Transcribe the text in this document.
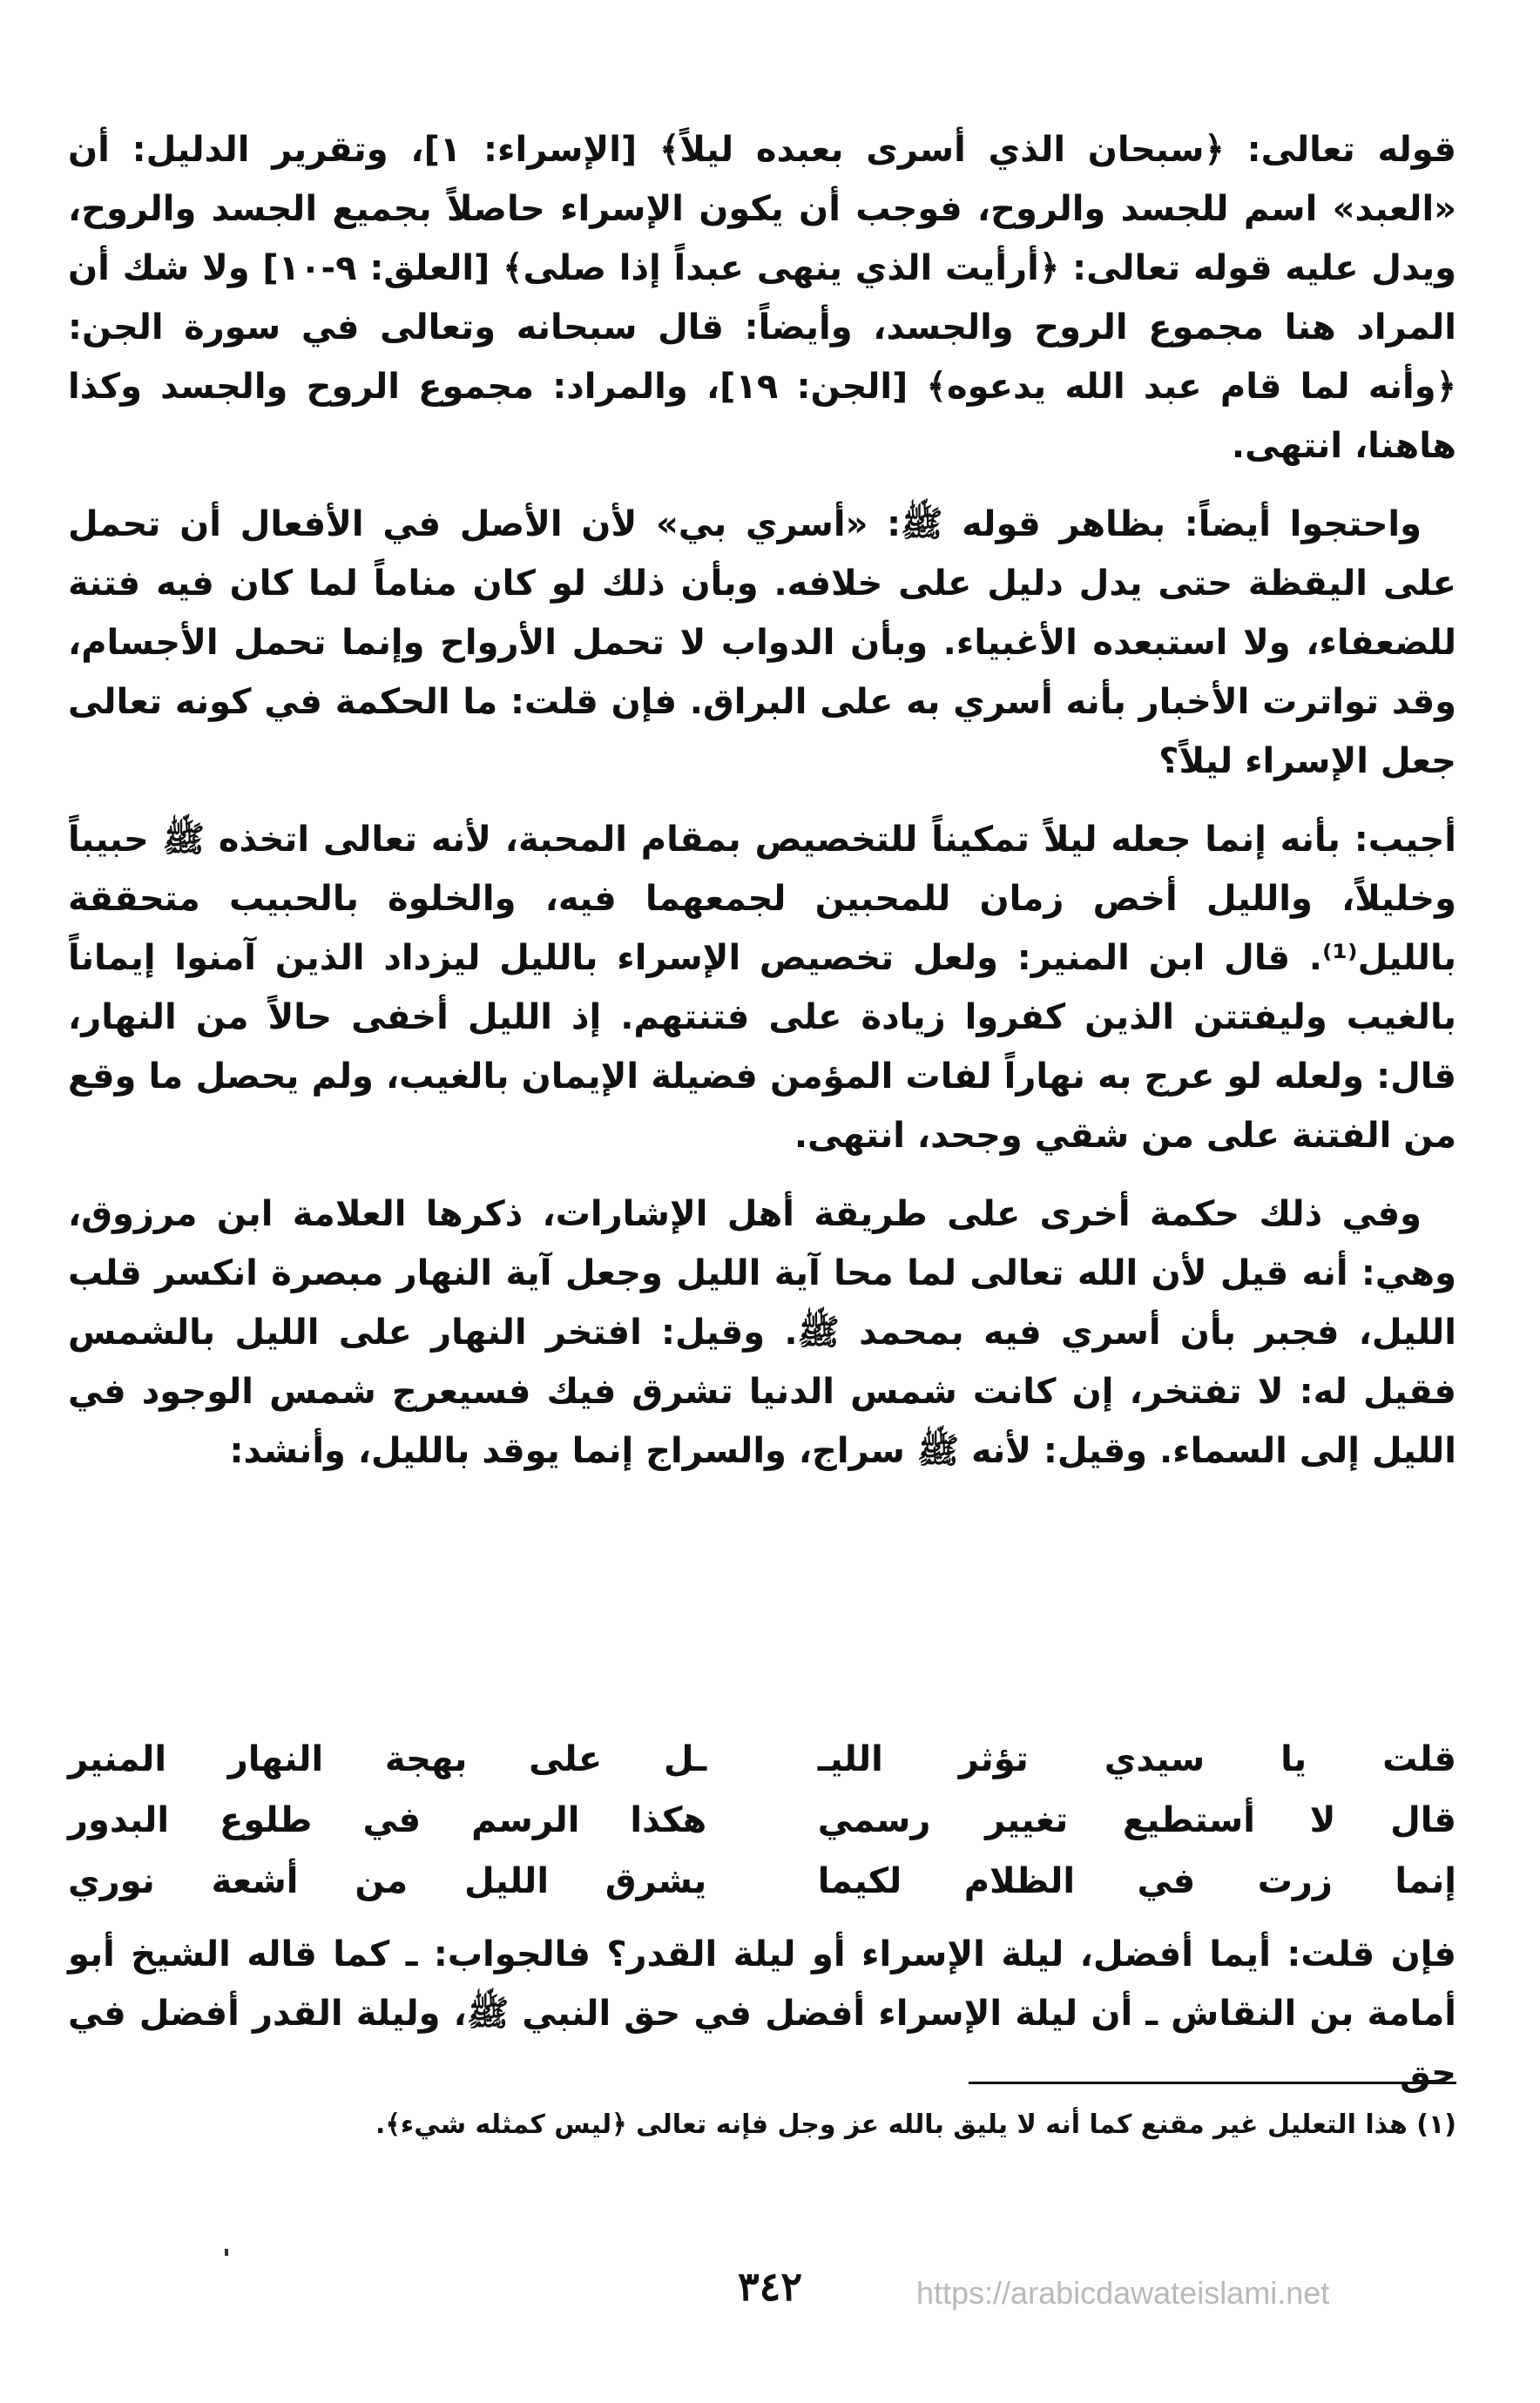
قوله تعالى: ﴿سبحان الذي أسرى بعبده ليلاً﴾ [الإسراء: ١]، وتقرير الدليل: أن «العبد» اسم للجسد والروح، فوجب أن يكون الإسراء حاصلاً بجميع الجسد والروح، ويدل عليه قوله تعالى: ﴿أرأيت الذي ينهى عبداً إذا صلى﴾ [العلق: ٩-١٠] ولا شك أن المراد هنا مجموع الروح والجسد، وأيضاً: قال سبحانه وتعالى في سورة الجن: ﴿وأنه لما قام عبد الله يدعوه﴾ [الجن: ١٩]، والمراد: مجموع الروح والجسد وكذا هاهنا، انتهى.

واحتجوا أيضاً: بظاهر قوله ﷺ: «أسري بي» لأن الأصل في الأفعال أن تحمل على اليقظة حتى يدل دليل على خلافه. وبأن ذلك لو كان مناماً لما كان فيه فتنة للضعفاء، ولا استبعده الأغبياء. وبأن الدواب لا تحمل الأرواح وإنما تحمل الأجسام، وقد تواترت الأخبار بأنه أسري به على البراق. فإن قلت: ما الحكمة في كونه تعالى جعل الإسراء ليلاً؟

أجيب: بأنه إنما جعله ليلاً تمكيناً للتخصيص بمقام المحبة، لأنه تعالى اتخذه ﷺ حبيباً وخليلاً، والليل أخص زمان للمحبين لجمعهما فيه، والخلوة بالحبيب متحققة بالليل⁽¹⁾. قال ابن المنير: ولعل تخصيص الإسراء بالليل ليزداد الذين آمنوا إيماناً بالغيب وليفتتن الذين كفروا زيادة على فتنتهم. إذ الليل أخفى حالاً من النهار، قال: ولعله لو عرج به نهاراً لفات المؤمن فضيلة الإيمان بالغيب، ولم يحصل ما وقع من الفتنة على من شقي وجحد، انتهى.

وفي ذلك حكمة أخرى على طريقة أهل الإشارات، ذكرها العلامة ابن مرزوق، وهي: أنه قيل لأن الله تعالى لما محا آية الليل وجعل آية النهار مبصرة انكسر قلب الليل، فجبر بأن أسري فيه بمحمد ﷺ. وقيل: افتخر النهار على الليل بالشمس فقيل له: لا تفتخر، إن كانت شمس الدنيا تشرق فيك فسيعرج شمس الوجود في الليل إلى السماء. وقيل: لأنه ﷺ سراج، والسراج إنما يوقد بالليل، وأنشد:

قلت يا سيدي تؤثر الليـ
ـل على بهجة النهار المنير
قال لا أستطيع تغيير رسمي
هكذا الرسم في طلوع البدور
إنما زرت في الظلام لكيما
يشرق الليل من أشعة نوري
فإن قلت: أيما أفضل، ليلة الإسراء أو ليلة القدر؟ فالجواب: ـ كما قاله الشيخ أبو أمامة بن النقاش ـ أن ليلة الإسراء أفضل في حق النبي ﷺ، وليلة القدر أفضل في حق
(١) هذا التعليل غير مقنع كما أنه لا يليق بالله عز وجل فإنه تعالى ﴿ليس كمثله شيء﴾.
٣٤٢	https://arabicdawateislami.net
